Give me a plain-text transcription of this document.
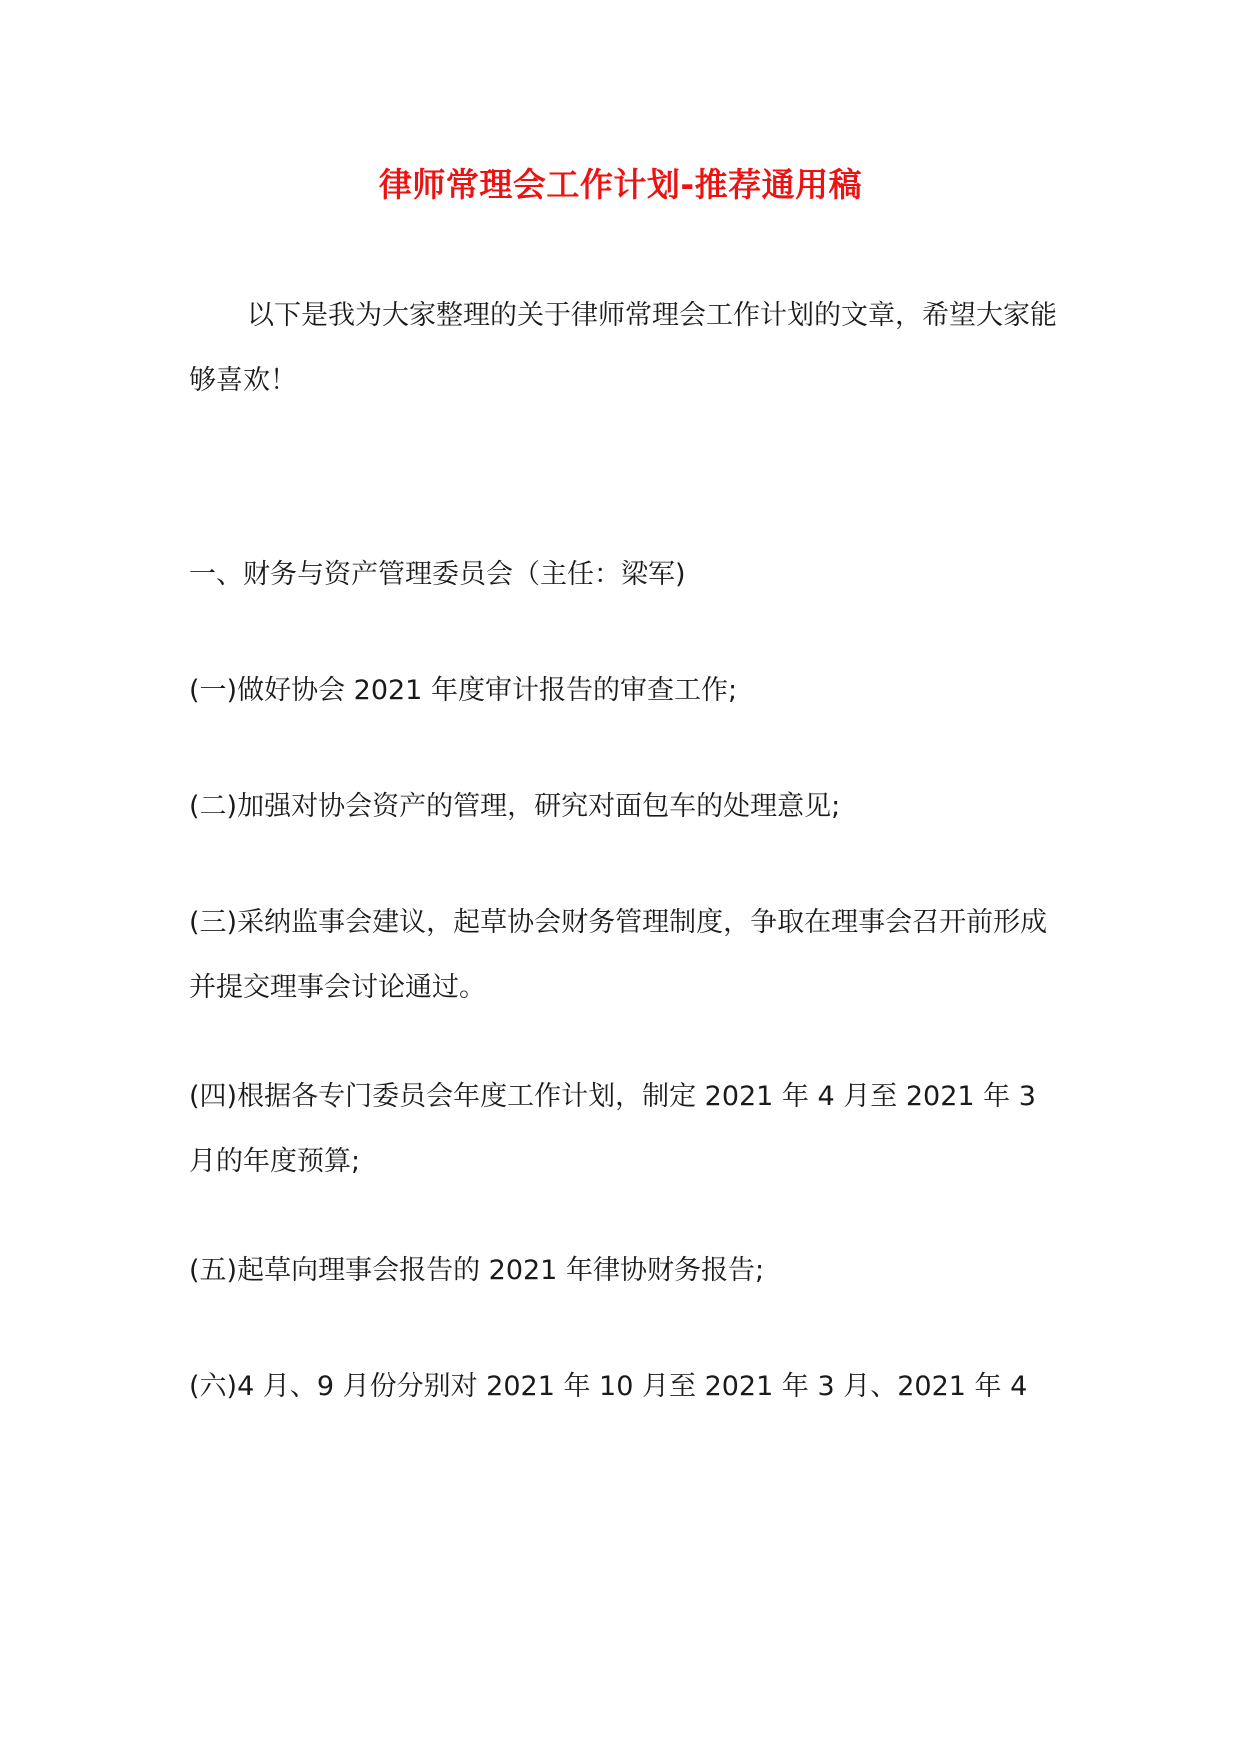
律师常理会工作计划-推荐通用稿

以下是我为大家整理的关于律师常理会工作计划的文章，希望大家能够喜欢！

一、财务与资产管理委员会（主任：梁军)

(一)做好协会 2021 年度审计报告的审查工作;

(二)加强对协会资产的管理，研究对面包车的处理意见;

(三)采纳监事会建议，起草协会财务管理制度，争取在理事会召开前形成并提交理事会讨论通过。

(四)根据各专门委员会年度工作计划，制定 2021 年 4 月至 2021 年 3 月的年度预算;

(五)起草向理事会报告的 2021 年律协财务报告;

(六)4 月、9 月份分别对 2021 年 10 月至 2021 年 3 月、2021 年 4
